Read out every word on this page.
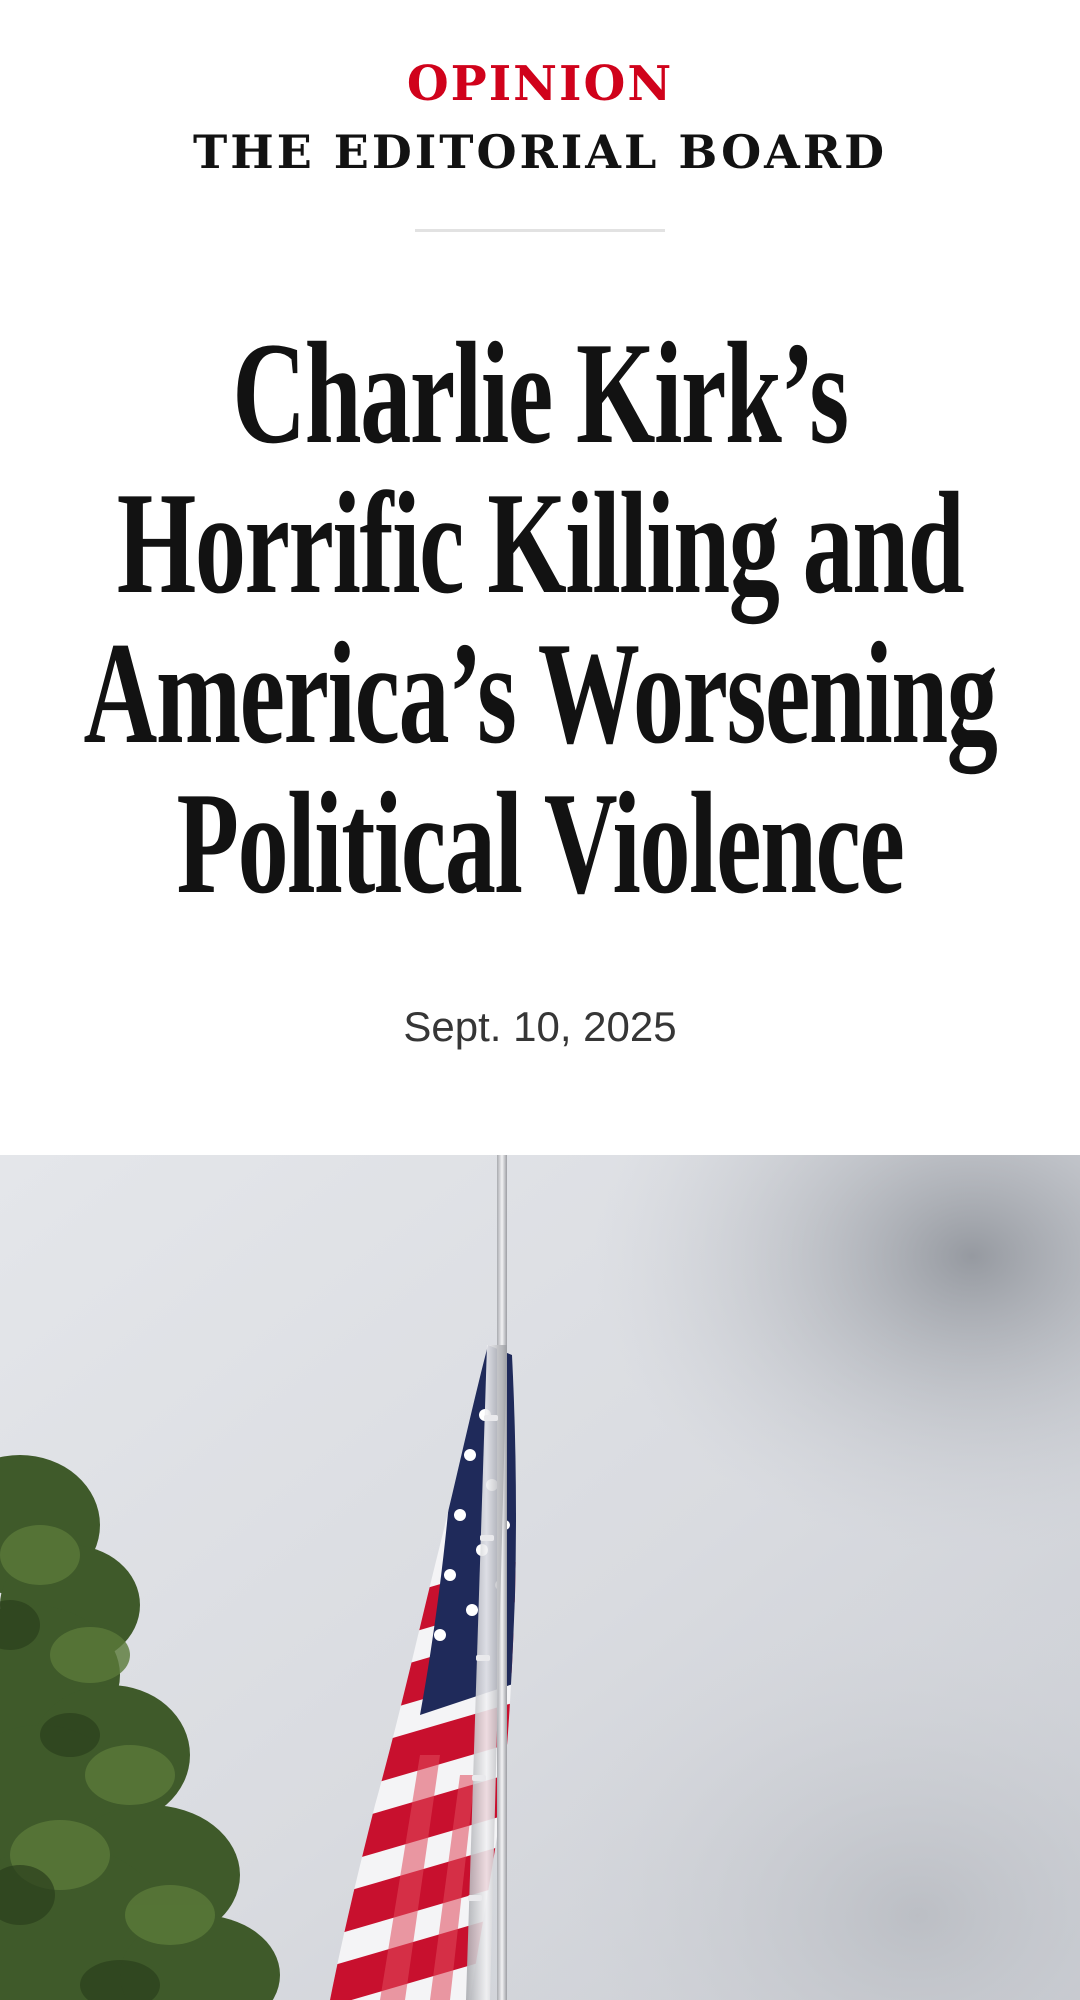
OPINION
THE EDITORIAL BOARD
Charlie Kirk’s Horrific Killing and America’s Worsening Political Violence
Sept. 10, 2025
